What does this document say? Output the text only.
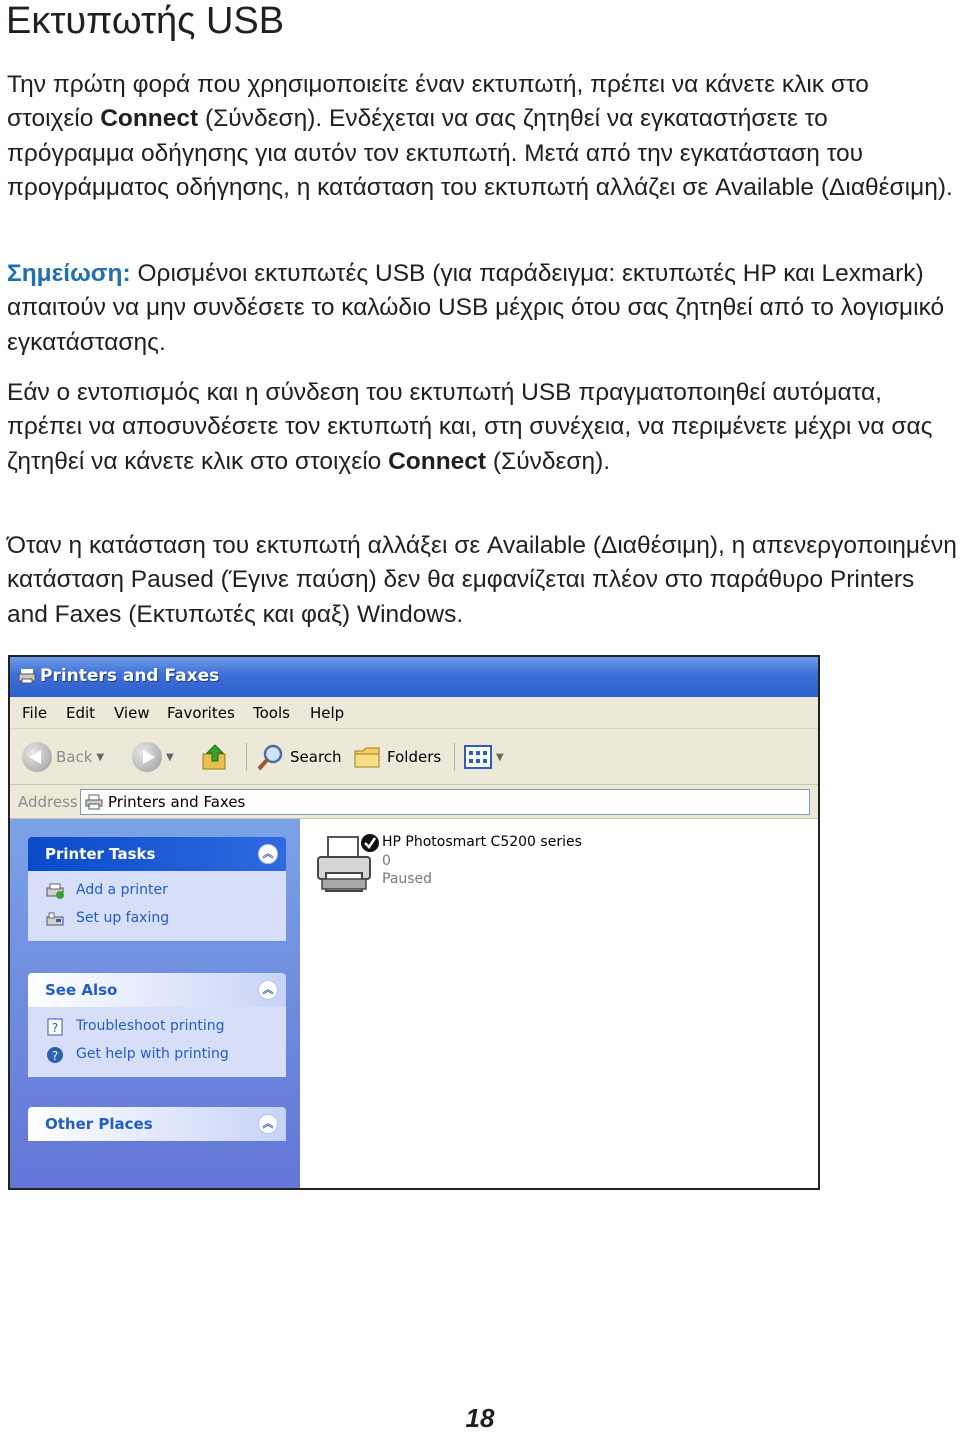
Εκτυπωτής USB

Την πρώτη φορά που χρησιμοποιείτε έναν εκτυπωτή, πρέπει να κάνετε κλικ στο στοιχείο Connect (Σύνδεση). Ενδέχεται να σας ζητηθεί να εγκαταστήσετε το πρόγραμμα οδήγησης για αυτόν τον εκτυπωτή. Μετά από την εγκατάσταση του προγράμματος οδήγησης, η κατάσταση του εκτυπωτή αλλάζει σε Available (Διαθέσιμη).

Σημείωση: Ορισμένοι εκτυπωτές USB (για παράδειγμα: εκτυπωτές HP και Lexmark) απαιτούν να μην συνδέσετε το καλώδιο USB μέχρις ότου σας ζητηθεί από το λογισμικό εγκατάστασης.

Εάν ο εντοπισμός και η σύνδεση του εκτυπωτή USB πραγματοποιηθεί αυτόματα, πρέπει να αποσυνδέσετε τον εκτυπωτή και, στη συνέχεια, να περιμένετε μέχρι να σας ζητηθεί να κάνετε κλικ στο στοιχείο Connect (Σύνδεση).

Όταν η κατάσταση του εκτυπωτή αλλάξει σε Available (Διαθέσιμη), η απενεργοποιημένη κατάσταση Paused (Έγινε παύση) δεν θα εμφανίζεται πλέον στο παράθυρο Printers and Faxes (Εκτυπωτές και φαξ) Windows.

Printers and Faxes
File Edit View Favorites Tools Help
Back ▼	▼	Search	Folders	▼
Address Printers and Faxes
Printer Tasks	︽
Add a printer
Set up faxing
See Also	︽
? Troubleshoot printing
? Get help with printing
Other Places	︽
HP Photosmart C5200 series
0
Paused
18
